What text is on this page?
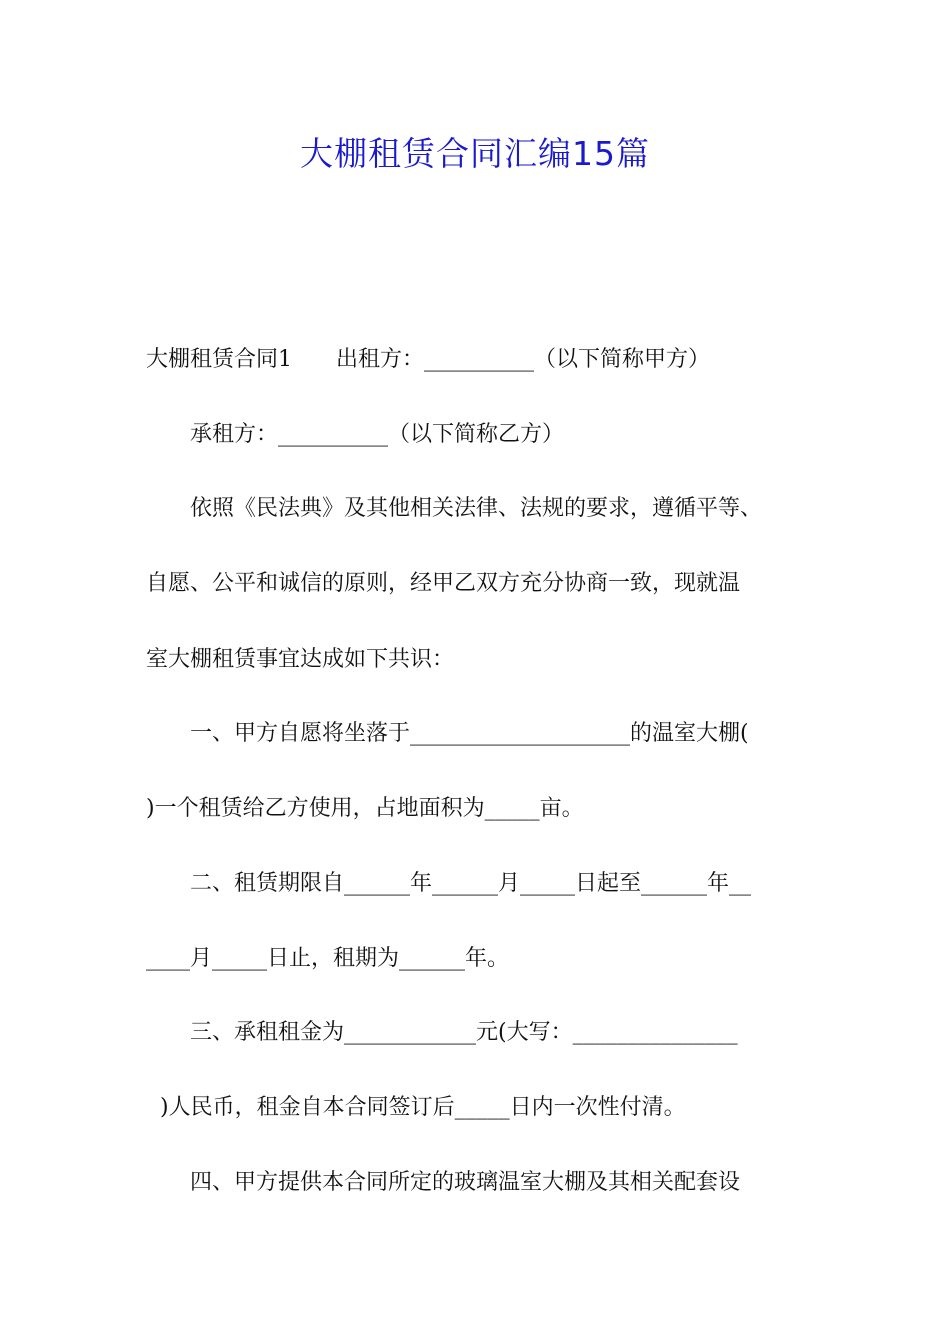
大棚租赁合同汇编15篇

大棚租赁合同1　　出租方：__________（以下简称甲方）

　　承租方：__________（以下简称乙方）

　　依照《民法典》及其他相关法律、法规的要求，遵循平等、

自愿、公平和诚信的原则，经甲乙双方充分协商一致，现就温

室大棚租赁事宜达成如下共识：

　　一、甲方自愿将坐落于____________________的温室大棚(

)一个租赁给乙方使用，占地面积为_____亩。

　　二、租赁期限自______年______月_____日起至______年__

____月_____日止，租期为______年。

　　三、承租租金为____________元(大写：_______________

)人民币，租金自本合同签订后_____日内一次性付清。

　　四、甲方提供本合同所定的玻璃温室大棚及其相关配套设
